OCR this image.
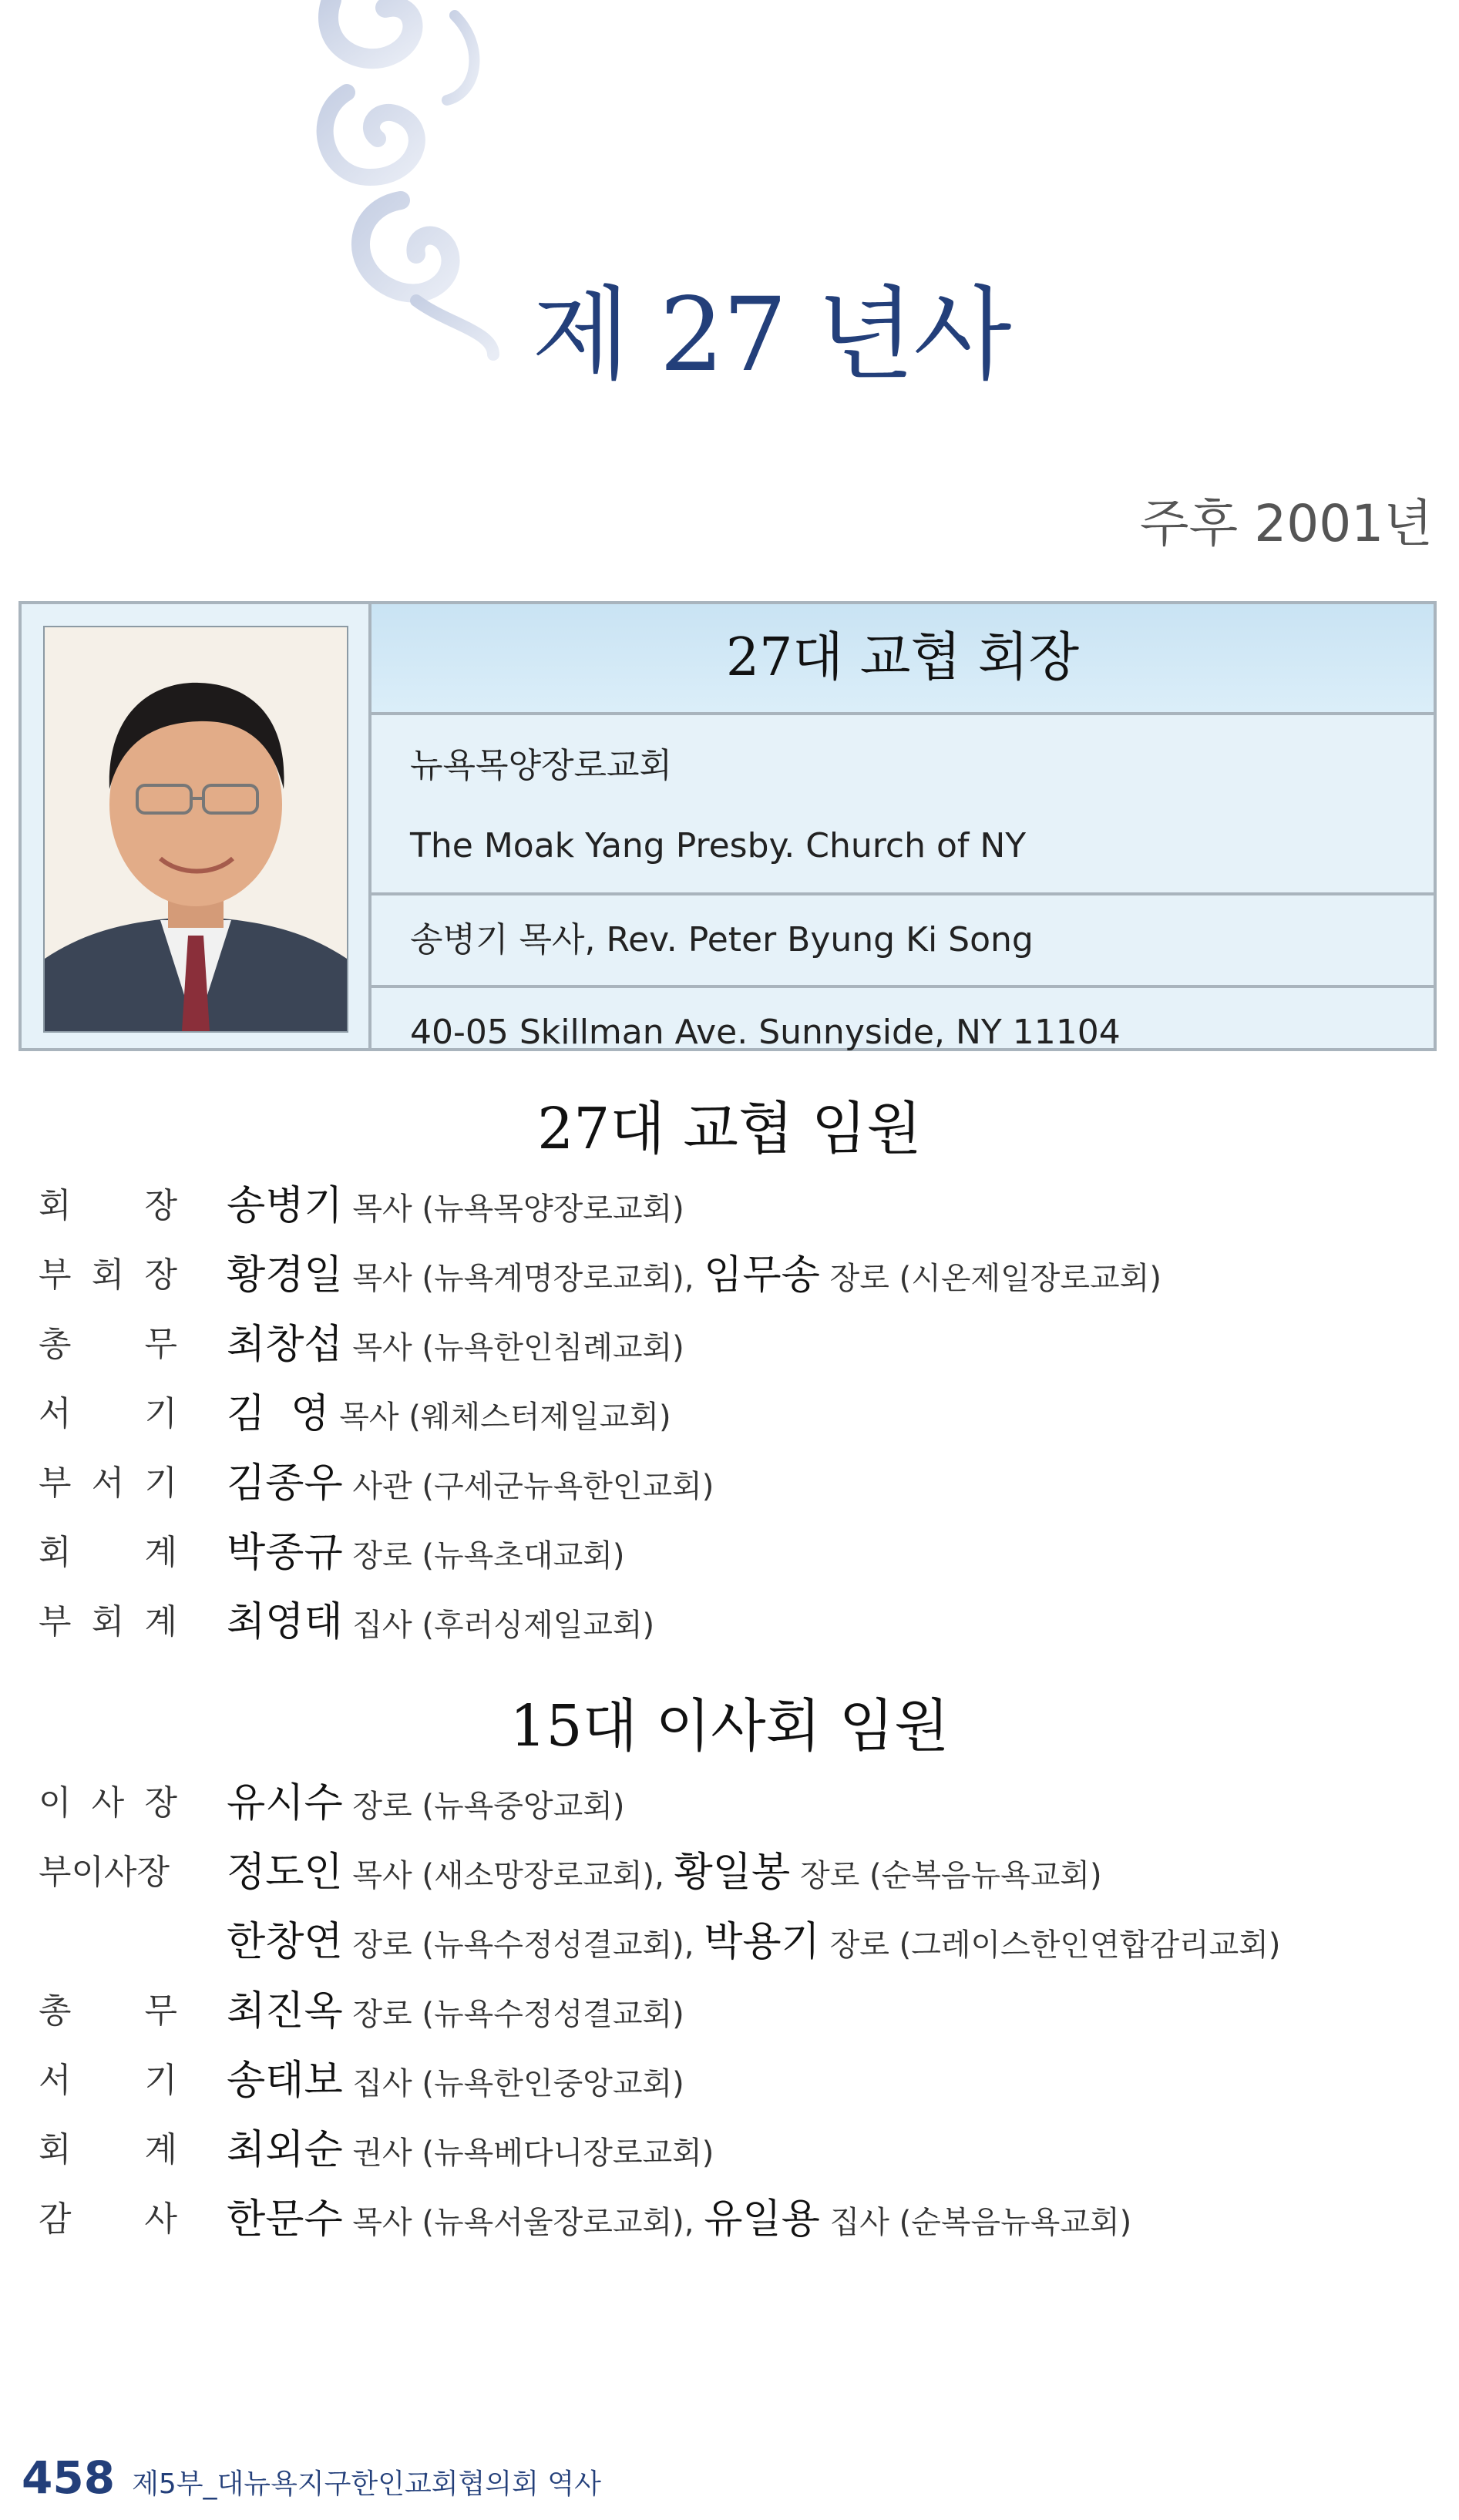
제 27 년사
주후 2001년
27대 교협 회장
뉴욕목양장로교회
The Moak Yang Presby. Church of NY
송병기 목사, Rev. Peter Byung Ki Song
40-05 Skillman Ave. Sunnyside, NY 11104
27대 교협 임원
회 장 송병기 목사 (뉴욕목양장로교회)
부 회 장 황경일 목사 (뉴욕계명장로교회), 임무송 장로 (시온제일장로교회)
총 무 최창섭 목사 (뉴욕한인침례교회)
서 기 김  영 목사 (웨체스터제일교회)
부 서 기 김종우 사관 (구세군뉴욕한인교회)
회 계 박종규 장로 (뉴욕초대교회)
부 회 계 최영태 집사 (후러싱제일교회)
15대 이사회 임원
이 사 장 유시수 장로 (뉴욕중앙교회)
부이사장 정도인 목사 (새소망장로교회), 황일봉 장로 (순복음뉴욕교회)
한창연 장로 (뉴욕수정성결교회), 박용기 장로 (그레이스한인연합감리교회)
총 무 최진옥 장로 (뉴욕수정성결교회)
서 기 송태보 집사 (뉴욕한인중앙교회)
회 계 최외순 권사 (뉴욕베다니장로교회)
감 사 한문수 목사 (뉴욕서울장로교회), 유일용 집사 (순복음뉴욕교회)
458 제5부_대뉴욕지구한인교회협의회 역사
